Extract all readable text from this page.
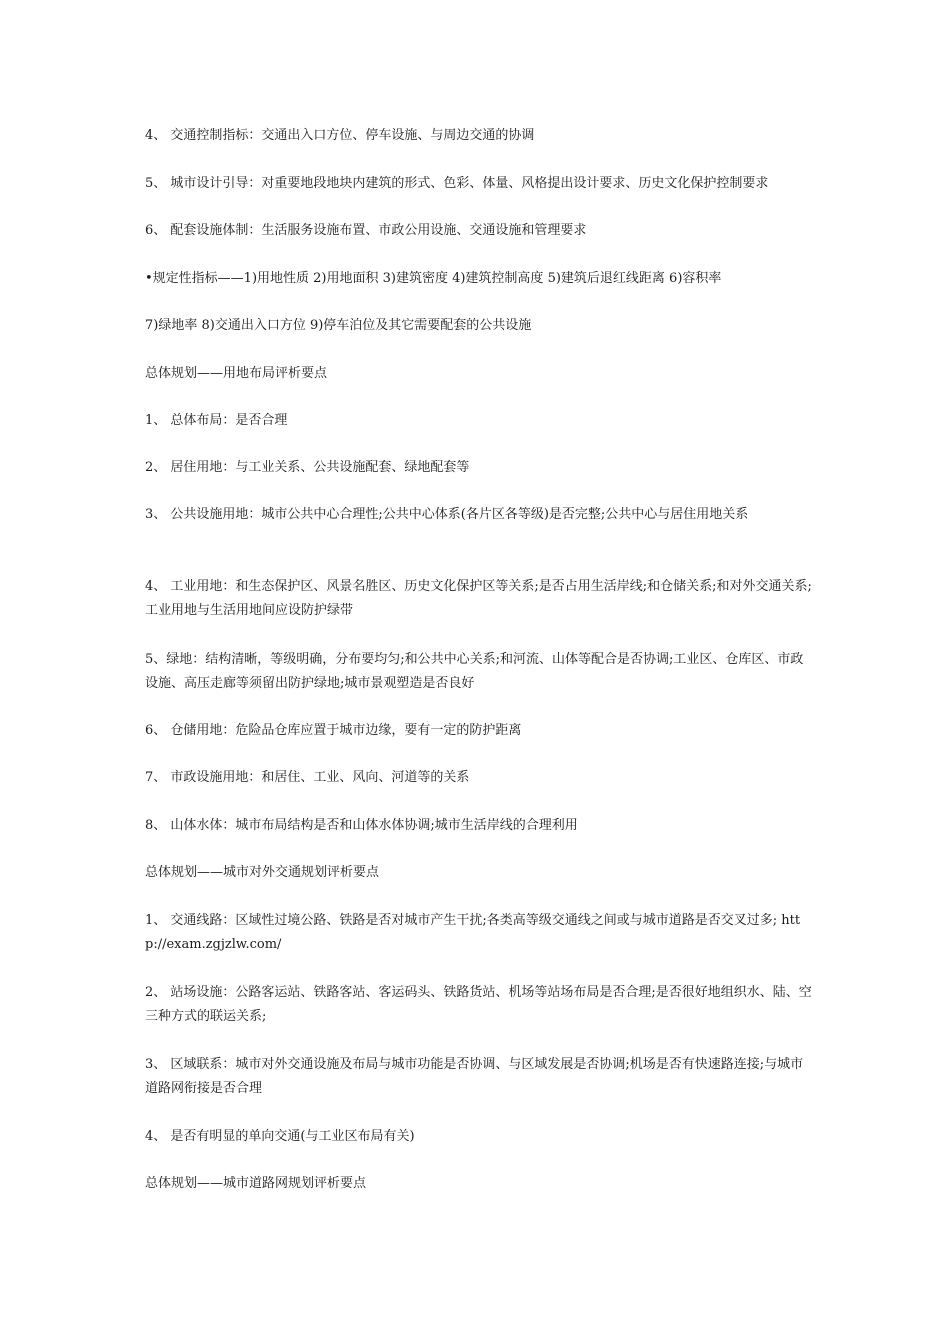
4、 交通控制指标：交通出入口方位、停车设施、与周边交通的协调
5、 城市设计引导：对重要地段地块内建筑的形式、色彩、体量、风格提出设计要求、历史文化保护控制要求
6、 配套设施体制：生活服务设施布置、市政公用设施、交通设施和管理要求
•规定性指标——1)用地性质 2)用地面积 3)建筑密度 4)建筑控制高度 5)建筑后退红线距离 6)容积率
7)绿地率 8)交通出入口方位 9)停车泊位及其它需要配套的公共设施
总体规划——用地布局评析要点
1、 总体布局：是否合理
2、 居住用地：与工业关系、公共设施配套、绿地配套等
3、 公共设施用地：城市公共中心合理性;公共中心体系(各片区各等级)是否完整;公共中心与居住用地关系
4、 工业用地：和生态保护区、风景名胜区、历史文化保护区等关系;是否占用生活岸线;和仓储关系;和对外交通关系;工业用地与生活用地间应设防护绿带
5、绿地：结构清晰，等级明确，分布要均匀;和公共中心关系;和河流、山体等配合是否协调;工业区、仓库区、市政设施、高压走廊等须留出防护绿地;城市景观塑造是否良好
6、 仓储用地：危险品仓库应置于城市边缘，要有一定的防护距离
7、 市政设施用地：和居住、工业、风向、河道等的关系
8、 山体水体：城市布局结构是否和山体水体协调;城市生活岸线的合理利用
总体规划——城市对外交通规划评析要点
1、 交通线路：区域性过境公路、铁路是否对城市产生干扰;各类高等级交通线之间或与城市道路是否交叉过多; http://exam.zgjzlw.com/
2、 站场设施：公路客运站、铁路客站、客运码头、铁路货站、机场等站场布局是否合理;是否很好地组织水、陆、空三种方式的联运关系;
3、 区域联系：城市对外交通设施及布局与城市功能是否协调、与区域发展是否协调;机场是否有快速路连接;与城市道路网衔接是否合理
4、 是否有明显的单向交通(与工业区布局有关)
总体规划——城市道路网规划评析要点
